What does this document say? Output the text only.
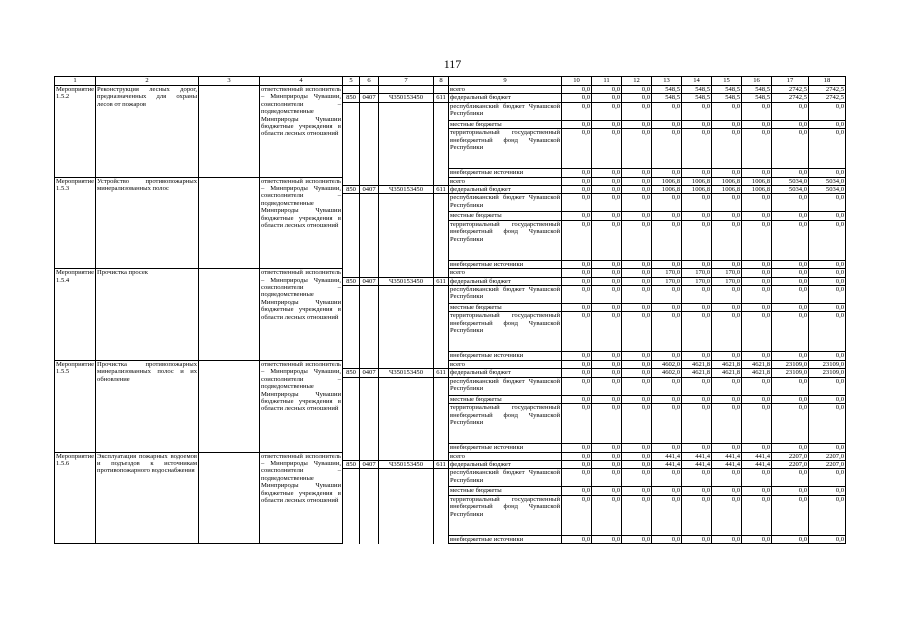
117
1	2	3	4	5	6	7	8	9	10	11	12	13	14	15	16	17	18
Мероприятие 1.5.2	Реконструкция лесных дорог, предназначенных для охраны лесов от пожаров		ответственный исполнитель – Минприроды Чувашии, соисполнители – подведомственные Минприроды Чувашии бюджетные учреждения в области лесных отношений					всего	0,0	0,0	0,0	548,5	548,5	548,5	548,5	2742,5	2742,5
				850	0407	Ч350153450	611	федеральный бюджет	0,0	0,0	0,0	548,5	548,5	548,5	548,5	2742,5	2742,5
								республиканский бюджет Чувашской Республики	0,0	0,0	0,0	0,0	0,0	0,0	0,0	0,0	0,0
								местные бюджеты	0,0	0,0	0,0	0,0	0,0	0,0	0,0	0,0	0,0
								территориальный государственный внебюджетный фонд Чувашской Республики	0,0	0,0	0,0	0,0	0,0	0,0	0,0	0,0	0,0
								внебюджетные источники	0,0	0,0	0,0	0,0	0,0	0,0	0,0	0,0	0,0
Мероприятие 1.5.3	Устройство противопожарных минерализованных полос		ответственный исполнитель – Минприроды Чувашии, соисполнители – подведомственные Минприроды Чувашии бюджетные учреждения в области лесных отношений					всего	0,0	0,0	0,0	1006,8	1006,8	1006,8	1006,8	5034,0	5034,0
				850	0407	Ч350153450	611	федеральный бюджет	0,0	0,0	0,0	1006,8	1006,8	1006,8	1006,8	5034,0	5034,0
								республиканский бюджет Чувашской Республики	0,0	0,0	0,0	0,0	0,0	0,0	0,0	0,0	0,0
								местные бюджеты	0,0	0,0	0,0	0,0	0,0	0,0	0,0	0,0	0,0
								территориальный государственный внебюджетный фонд Чувашской Республики	0,0	0,0	0,0	0,0	0,0	0,0	0,0	0,0	0,0
								внебюджетные источники	0,0	0,0	0,0	0,0	0,0	0,0	0,0	0,0	0,0
Мероприятие 1.5.4	Прочистка просек		ответственный исполнитель – Минприроды Чувашии, соисполнители – подведомственные Минприроды Чувашии бюджетные учреждения в области лесных отношений					всего	0,0	0,0	0,0	170,0	170,0	170,0	0,0	0,0	0,0
				850	0407	Ч350153450	611	федеральный бюджет	0,0	0,0	0,0	170,0	170,0	170,0	0,0	0,0	0,0
								республиканский бюджет Чувашской Республики	0,0	0,0	0,0	0,0	0,0	0,0	0,0	0,0	0,0
								местные бюджеты	0,0	0,0	0,0	0,0	0,0	0,0	0,0	0,0	0,0
								территориальный государственный внебюджетный фонд Чувашской Республики	0,0	0,0	0,0	0,0	0,0	0,0	0,0	0,0	0,0
								внебюджетные источники	0,0	0,0	0,0	0,0	0,0	0,0	0,0	0,0	0,0
Мероприятие 1.5.5	Прочистка противопожарных минерализованных полос и их обновление		ответственный исполнитель – Минприроды Чувашии, соисполнители – подведомственные Минприроды Чувашии бюджетные учреждения в области лесных отношений					всего	0,0	0,0	0,0	4602,0	4621,8	4621,8	4621,8	23109,0	23109,0
				850	0407	Ч350153450	611	федеральный бюджет	0,0	0,0	0,0	4602,0	4621,8	4621,8	4621,8	23109,0	23109,0
								республиканский бюджет Чувашской Республики	0,0	0,0	0,0	0,0	0,0	0,0	0,0	0,0	0,0
								местные бюджеты	0,0	0,0	0,0	0,0	0,0	0,0	0,0	0,0	0,0
								территориальный государственный внебюджетный фонд Чувашской Республики	0,0	0,0	0,0	0,0	0,0	0,0	0,0	0,0	0,0
								внебюджетные источники	0,0	0,0	0,0	0,0	0,0	0,0	0,0	0,0	0,0
Мероприятие 1.5.6	Эксплуатация пожарных водоемов и подъездов к источникам противопожарного водоснабжения		ответственный исполнитель – Минприроды Чувашии, соисполнители – подведомственные Минприроды Чувашии бюджетные учреждения в области лесных отношений					всего	0,0	0,0	0,0	441,4	441,4	441,4	441,4	2207,0	2207,0
				850	0407	Ч350153450	611	федеральный бюджет	0,0	0,0	0,0	441,4	441,4	441,4	441,4	2207,0	2207,0
								республиканский бюджет Чувашской Республики	0,0	0,0	0,0	0,0	0,0	0,0	0,0	0,0	0,0
								местные бюджеты	0,0	0,0	0,0	0,0	0,0	0,0	0,0	0,0	0,0
								территориальный государственный внебюджетный фонд Чувашской Республики	0,0	0,0	0,0	0,0	0,0	0,0	0,0	0,0	0,0
								внебюджетные источники	0,0	0,0	0,0	0,0	0,0	0,0	0,0	0,0	0,0
